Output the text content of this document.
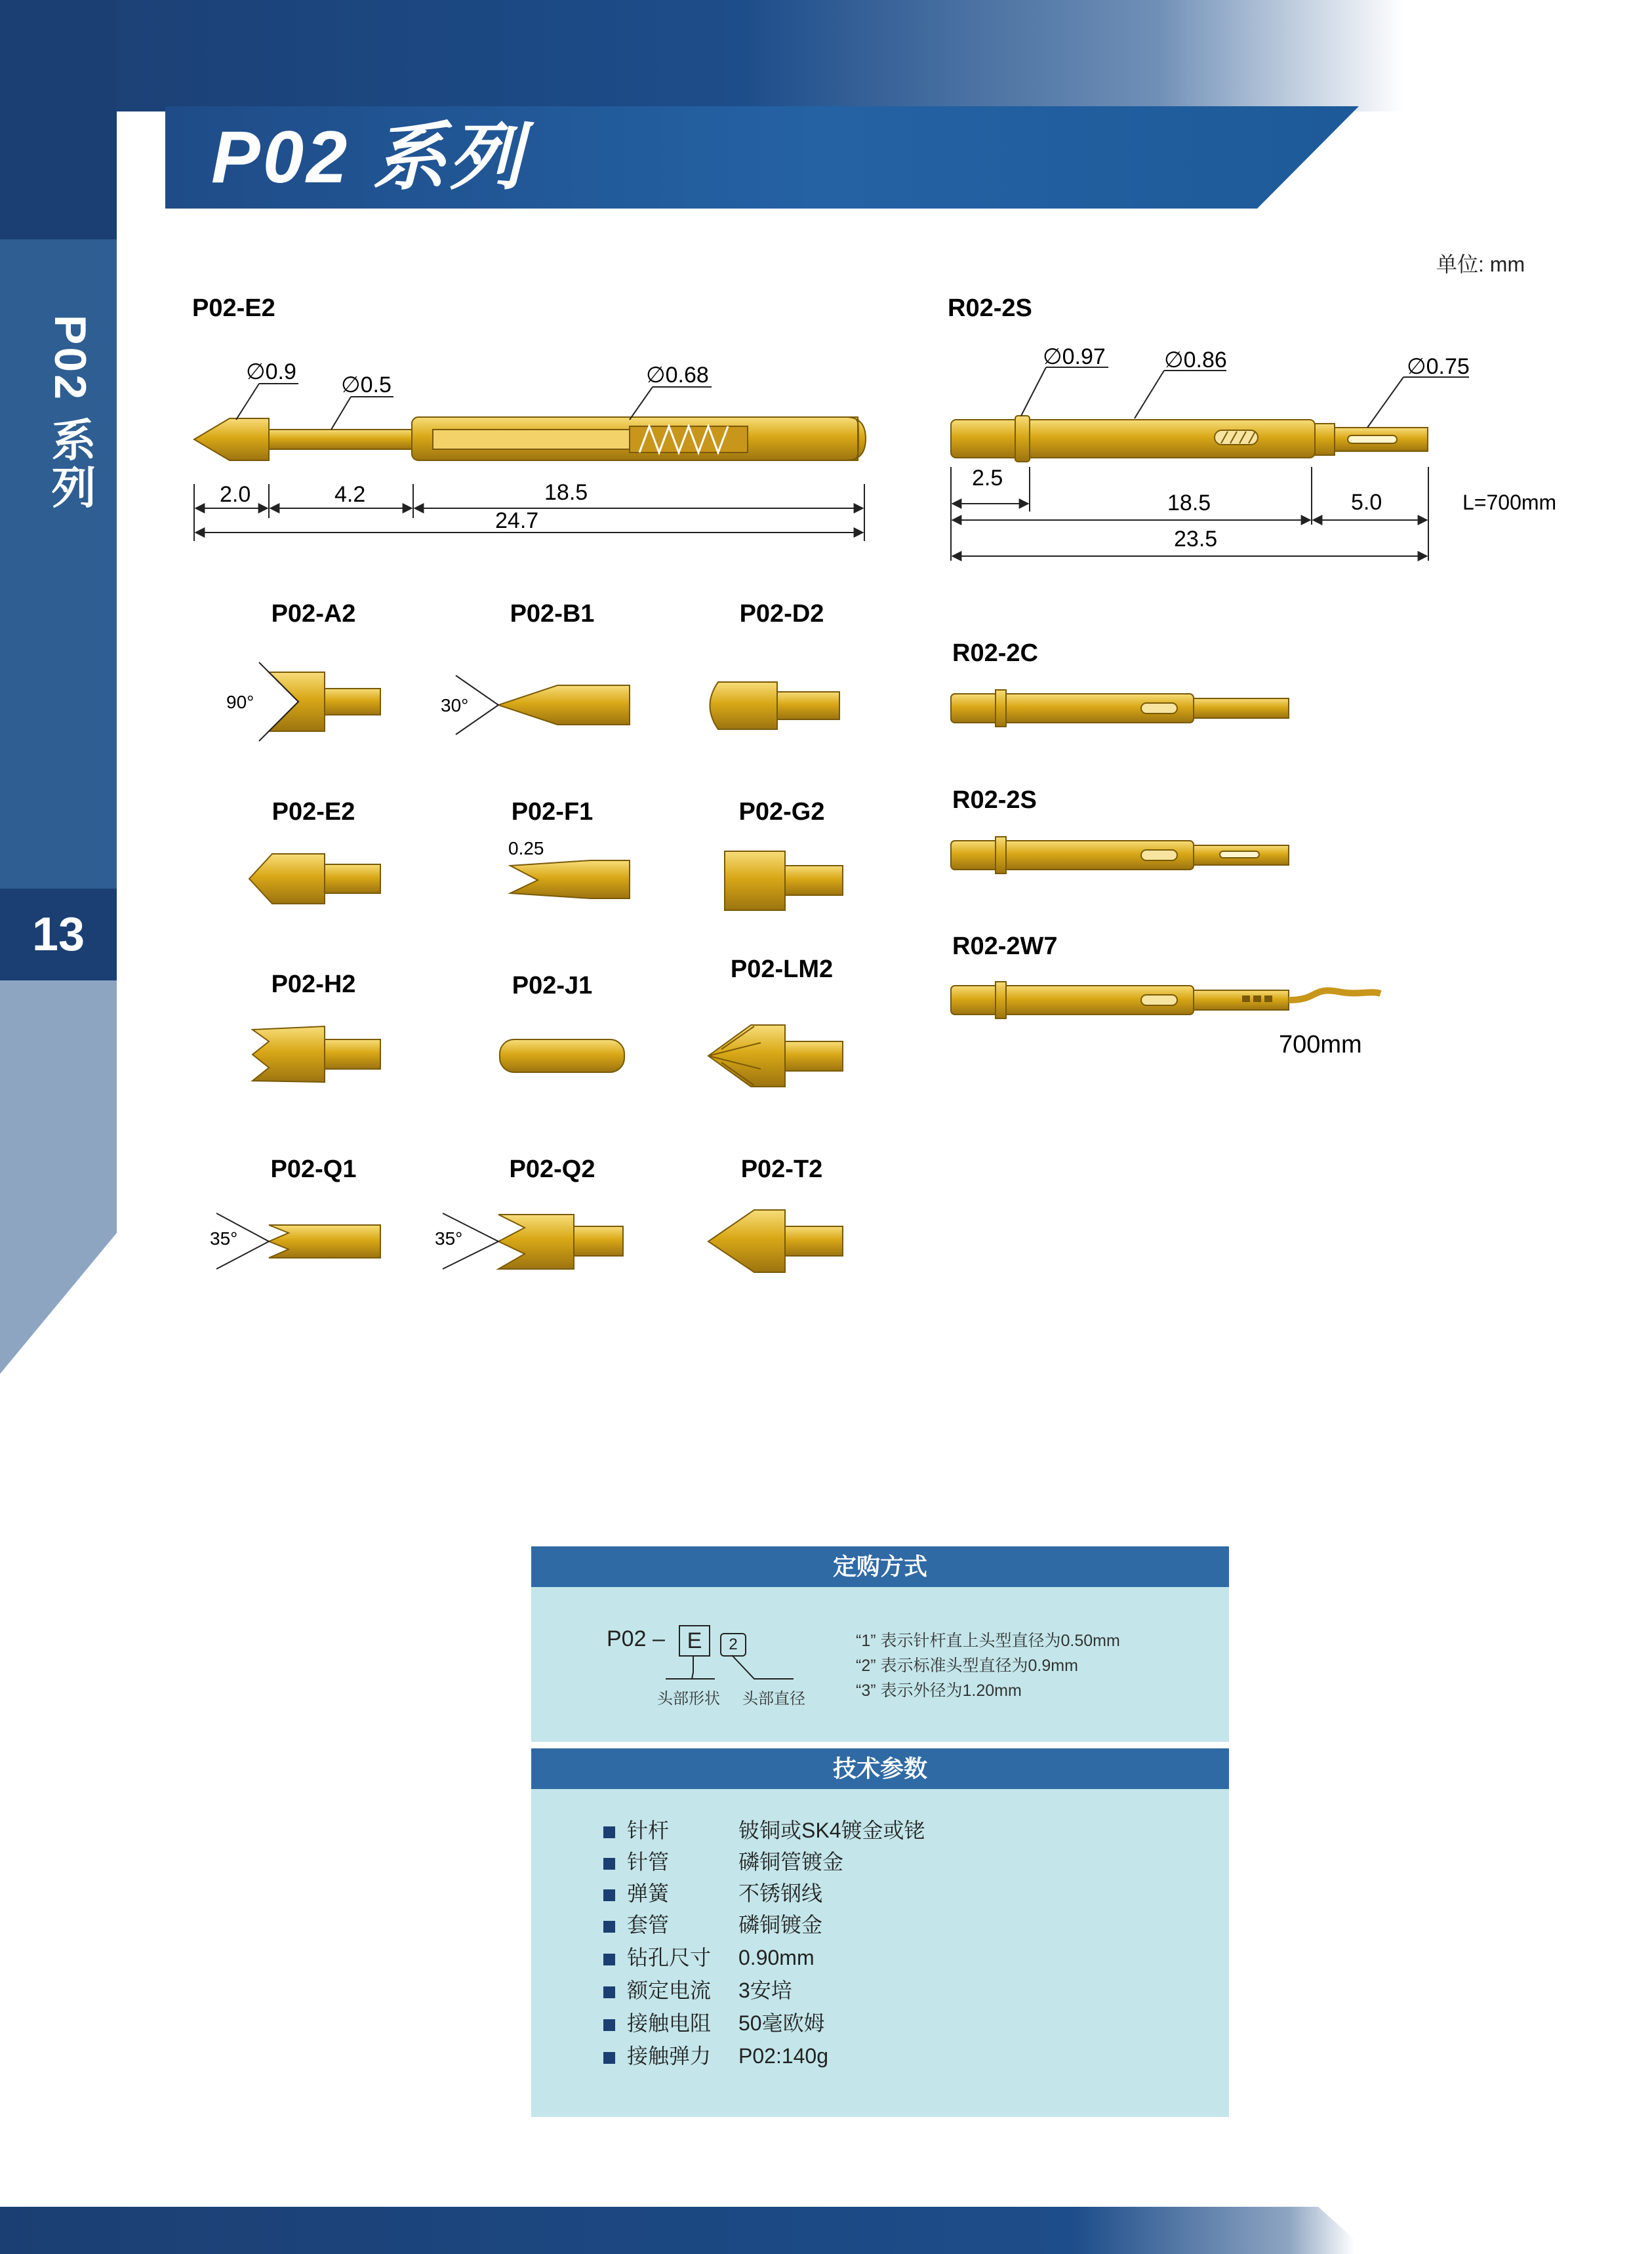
13
P02 系列
P02 系列
单位: mm
P02-E2
∅0.9
∅0.5	∅0.68
2.0	4.2	18.5
24.7
R02-2S
∅0.97	∅0.86	∅0.75
2.5
18.5	5.0
23.5
L=700mm
P02-A2
90°
P02-B1
30°
P02-D2
P02-E2	P02-F1
0.25
P02-G2
P02-H2	P02-J1
P02-LM2
P02-Q1
35°
P02-Q2
35°
P02-T2
R02-2C
R02-2S
R02-2W7
700mm
定购方式
P02 – E	2
头部形状 头部直径
“1” 表示针杆直上头型直径为0.50mm
“2” 表示标准头型直径为0.9mm
“3” 表示外径为1.20mm
技术参数
针杆	铍铜或SK4镀金或铑
针管	磷铜管镀金
弹簧	不锈钢线
套管	磷铜镀金
钻孔尺寸 0.90mm
额定电流 3安培
接触电阻 50毫欧姆
接触弹力 P02:140g
